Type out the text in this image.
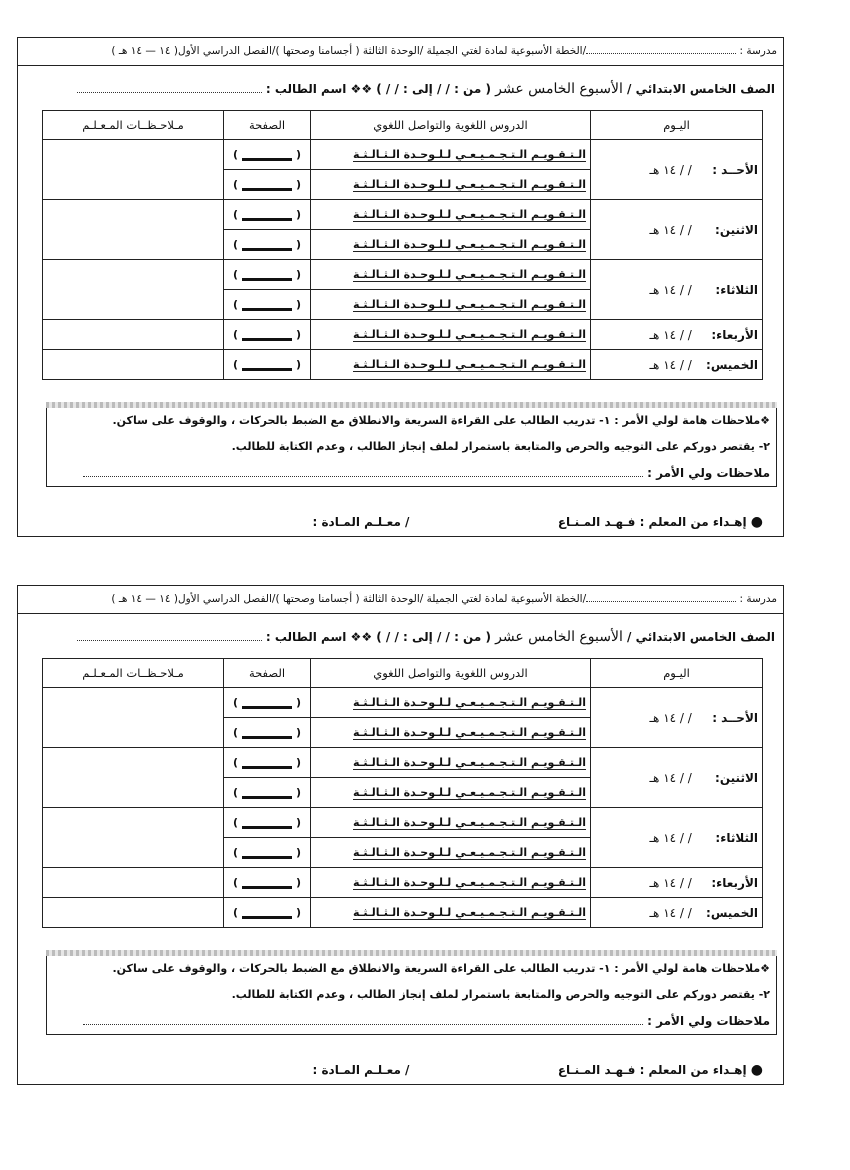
مدرسة : /الخطة الأسبوعية لمادة لغتي الجميلة /الوحدة الثالثة ( أجسامنا وصحتها )/الفصل الدراسي الأول( ١٤ — ١٤ هـ )
الصف الخامس الابتدائي / الأسبوع الخامس عشر ( من : / / إلى : / / ) ❖❖ اسم الطالب :
اليـوم	الدروس اللغوية والتواصل اللغوي	الصفحة	مـلاحـظــات المـعـلـم
الأحــد : / / ١٤ هـ	الـتـقـويـم الـتـجـمـيـعـي لـلـوحـدة الـثـالـثـة	()	
	الـتـقـويـم الـتـجـمـيـعـي لـلـوحـدة الـثـالـثـة	()	
الاثنين: / / ١٤ هـ	الـتـقـويـم الـتـجـمـيـعـي لـلـوحـدة الـثـالـثـة	()	
	الـتـقـويـم الـتـجـمـيـعـي لـلـوحـدة الـثـالـثـة	()	
الثلاثاء: / / ١٤ هـ	الـتـقـويـم الـتـجـمـيـعـي لـلـوحـدة الـثـالـثـة	()	
	الـتـقـويـم الـتـجـمـيـعـي لـلـوحـدة الـثـالـثـة	()	
الأربعاء: / / ١٤ هـ	الـتـقـويـم الـتـجـمـيـعـي لـلـوحـدة الـثـالـثـة	()	
الخميس: / / ١٤ هـ	الـتـقـويـم الـتـجـمـيـعـي لـلـوحـدة الـثـالـثـة	()	
❖ملاحظات هامة لولي الأمر : ١- تدريب الطالب على القراءة السريعة والانطلاق مع الضبط بالحركات ، والوقوف على ساكن.
٢- يقتصر دوركم على التوجيه والحرص والمتابعة باستمرار لملف إنجاز الطالب ، وعدم الكتابة للطالب.
ملاحظات ولي الأمر :
● إهـداء من المعلم : فـهـد المـنـاع  / معـلـم المـادة :
مدرسة : /الخطة الأسبوعية لمادة لغتي الجميلة /الوحدة الثالثة ( أجسامنا وصحتها )/الفصل الدراسي الأول( ١٤ — ١٤ هـ )
الصف الخامس الابتدائي / الأسبوع الخامس عشر ( من : / / إلى : / / ) ❖❖ اسم الطالب :
اليـوم	الدروس اللغوية والتواصل اللغوي	الصفحة	مـلاحـظــات المـعـلـم
الأحــد : / / ١٤ هـ	الـتـقـويـم الـتـجـمـيـعـي لـلـوحـدة الـثـالـثـة	()	
	الـتـقـويـم الـتـجـمـيـعـي لـلـوحـدة الـثـالـثـة	()	
الاثنين: / / ١٤ هـ	الـتـقـويـم الـتـجـمـيـعـي لـلـوحـدة الـثـالـثـة	()	
	الـتـقـويـم الـتـجـمـيـعـي لـلـوحـدة الـثـالـثـة	()	
الثلاثاء: / / ١٤ هـ	الـتـقـويـم الـتـجـمـيـعـي لـلـوحـدة الـثـالـثـة	()	
	الـتـقـويـم الـتـجـمـيـعـي لـلـوحـدة الـثـالـثـة	()	
الأربعاء: / / ١٤ هـ	الـتـقـويـم الـتـجـمـيـعـي لـلـوحـدة الـثـالـثـة	()	
الخميس: / / ١٤ هـ	الـتـقـويـم الـتـجـمـيـعـي لـلـوحـدة الـثـالـثـة	()	
❖ملاحظات هامة لولي الأمر : ١- تدريب الطالب على القراءة السريعة والانطلاق مع الضبط بالحركات ، والوقوف على ساكن.
٢- يقتصر دوركم على التوجيه والحرص والمتابعة باستمرار لملف إنجاز الطالب ، وعدم الكتابة للطالب.
ملاحظات ولي الأمر :
● إهـداء من المعلم : فـهـد المـنـاع  / معـلـم المـادة :
